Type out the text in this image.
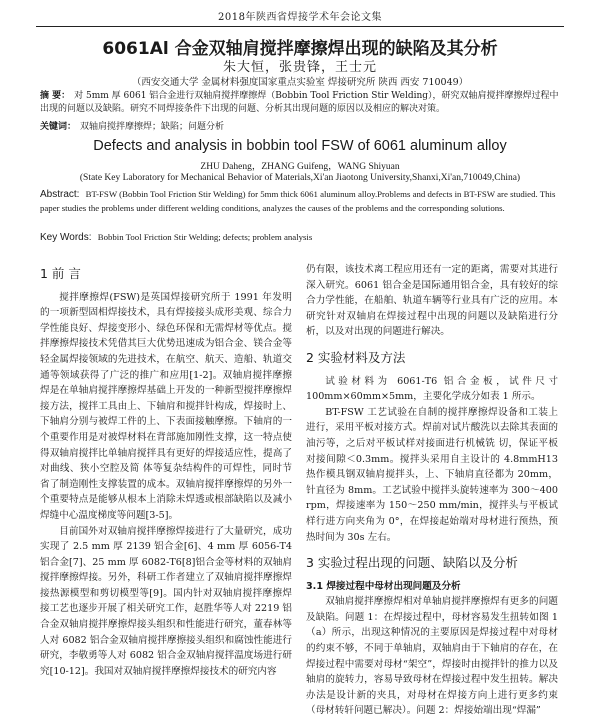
2018年陕西省焊接学术年会论文集
6061Al 合金双轴肩搅拌摩擦焊出现的缺陷及其分析
朱大恒，张贵锋，王士元
（西安交通大学 金属材料强度国家重点实验室 焊接研究所 陕西 西安 710049）
摘 要： 对 5mm 厚 6061 铝合金进行双轴肩搅拌摩擦焊（Bobbin Tool Friction Stir Welding），研究双轴肩搅拌摩擦焊过程中出现的问题以及缺陷。研究不同焊接条件下出现的问题、分析其出现问题的原因以及相应的解决对策。
关键词： 双轴肩搅拌摩擦焊；缺陷；问题分析
Defects and analysis in bobbin tool FSW of 6061 aluminum alloy
ZHU Daheng，ZHANG Guifeng，WANG Shiyuan
(State Key Laboratory for Mechanical Behavior of Materials,Xi'an Jiaotong University,Shanxi,Xi'an,710049,China)
Abstract: BT-FSW (Bobbin Tool Friction Stir Welding) for 5mm thick 6061 aluminum alloy.Problems and defects in BT-FSW are studied. This paper studies the problems under different welding conditions, analyzes the causes of the problems and the corresponding solutions.
Key Words: Bobbin Tool Friction Stir Welding; defects; problem analysis
1 前 言

搅拌摩擦焊(FSW)是英国焊接研究所于 1991 年发明的一项新型固相焊接技术，具有焊接接头成形美观、综合力学性能良好、焊接变形小、绿色环保和无需焊材等优点。搅拌摩擦焊接技术凭借其巨大优势迅速成为铝合金、镁合金等轻金属焊接领域的先进技术，在航空、航天、造船、轨道交通等领域获得了广泛的推广和应用[1-2]。双轴肩搅拌摩擦焊是在单轴肩搅拌摩擦焊基础上开发的一种新型搅拌摩擦焊接方法，搅拌工具由上、下轴肩和搅拌针构成，焊接时上、下轴肩分别与被焊工件的上、下表面接触摩擦。下轴肩的一个重要作用是对被焊材料在背部施加刚性支撑，这一特点使得双轴肩搅拌比单轴肩搅拌具有更好的焊接适应性，提高了对曲线、狭小空腔及简 体等复杂结构件的可焊性，同时节省了制造刚性支撑装置的成本。双轴肩搅拌摩擦焊的另外一个重要特点是能够从根本上消除未焊透或根部缺陷以及减小焊缝中心温度梯度等问题[3-5]。

目前国外对双轴肩搅拌摩擦焊接进行了大量研究，成功实现了 2.5 mm 厚 2139 铝合金[6]、4 mm 厚 6056-T4 铝合金[7]、25 mm 厚 6082-T6[8]铝合金等材料的双轴肩搅拌摩擦焊接。另外，科研工作者建立了双轴肩搅拌摩擦焊接热源模型和剪切模型等[9]。国内针对双轴肩搅拌摩擦焊接工艺也逐步开展了相关研究工作，赵胜华等人对 2219 铝合金双轴肩搅拌摩擦焊接头组织和性能进行研究，董春林等人对 6082 铝合金双轴肩搅拌摩擦接头组织和腐蚀性能进行研究，李敬勇等人对 6082 铝合金双轴肩搅拌温度场进行研究[10-12]。我国对双轴肩搅拌摩擦焊接技术的研究内容

仍有限，该技术离工程应用还有一定的距离，需要对其进行深入研究。6061 铝合金是国际通用铝合金，具有较好的综合力学性能，在船舶、轨道车辆等行业具有广泛的应用。本研究针对双轴肩在焊接过程中出现的问题以及缺陷进行分析，以及对出现的问题进行解决。

2 实验材料及方法

试验材料为 6061-T6 铝合金板，试件尺寸 100mm×60mm×5mm，主要化学成分如表 1 所示。

BT-FSW 工艺试验在自制的搅拌摩擦焊设备和工装上进行，采用平板对接方式。焊前对试片酸洗以去除其表面的油污等，之后对平板试样对接面进行机械铣 切，保证平板对接间隙＜0.3mm。搅拌头采用自主设计的 4.8mmH13 热作模具钢双轴肩搅拌头，上、下轴肩直径都为 20mm，针直径为 8mm。工艺试验中搅拌头旋转速率为 300～400 rpm，焊接速率为 150～250 mm/min，搅拌头与平板试样行进方向夹角为 0°，在焊接起始端对母材进行预热，预热时间为 30s 左右。

3 实验过程出现的问题、缺陷以及分析
3.1 焊接过程中母材出现问题及分析

双轴肩搅拌摩擦焊相对单轴肩搅拌摩擦焊有更多的问题及缺陷。问题 1：在焊接过程中，母材容易发生扭转如图 1（a）所示，出现这种情况的主要原因是焊接过程中对母材的约束不够，不同于单轴肩，双轴肩由于下轴肩的存在，在焊接过程中需要对母材“架空”，焊接时由搅拌针的推力以及轴肩的旋转力，容易导致母材在焊接过程中发生扭转。解决办法是设计新的夹具，对母材在焊接方向上进行更多约束（母材转轩问题已解决）。问题 2：焊接始端出现“焊漏”
